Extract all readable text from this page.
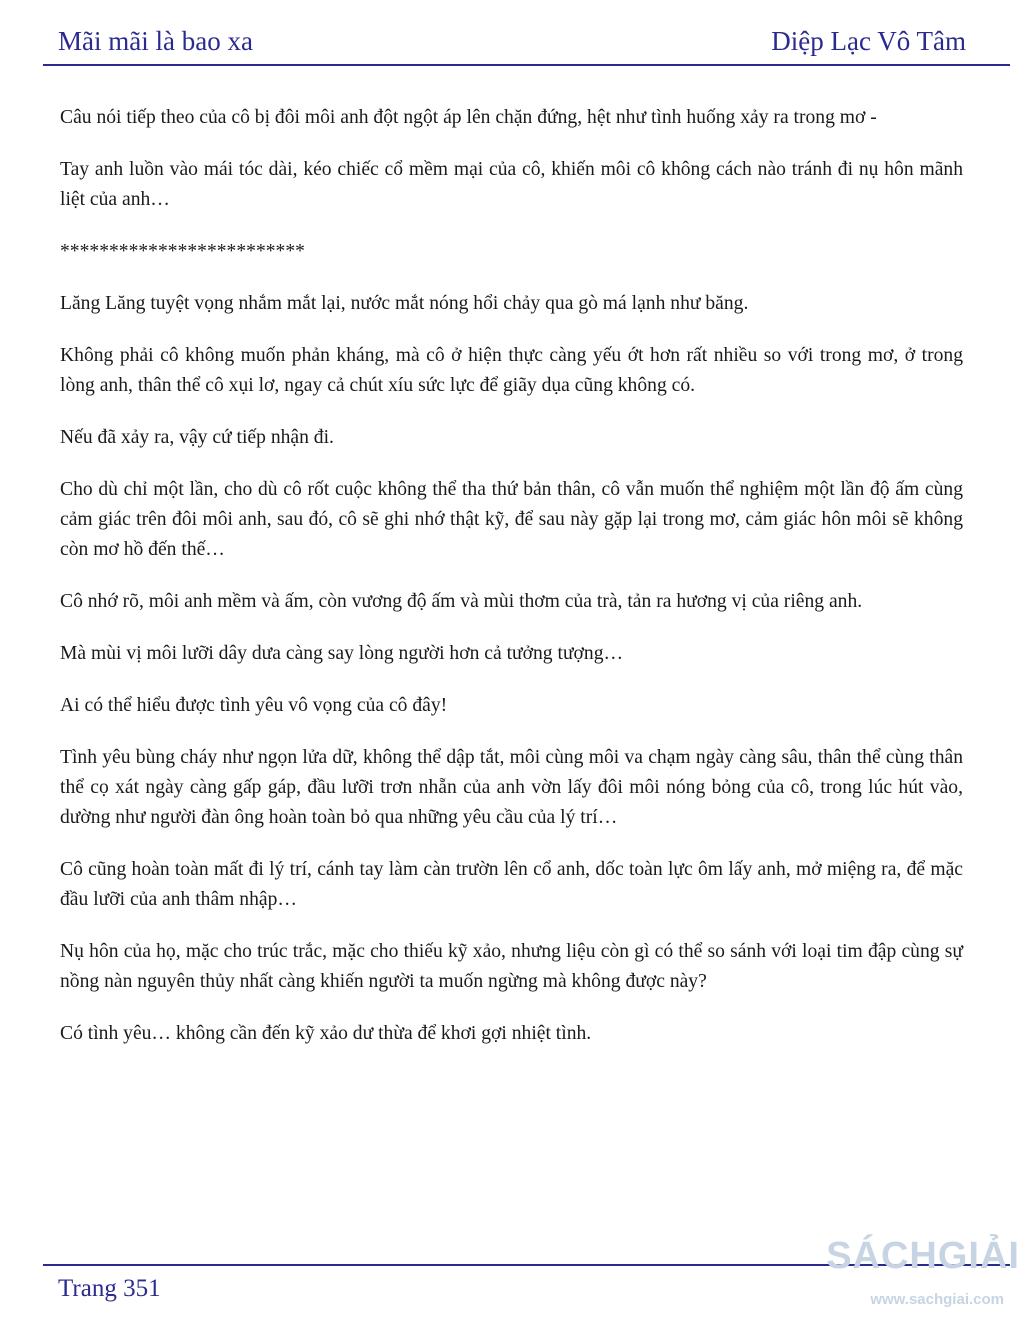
Mãi mãi là bao xa	Diệp Lạc Vô Tâm

Câu nói tiếp theo của cô bị đôi môi anh đột ngột áp lên chặn đứng, hệt như tình huống xảy ra trong mơ -

Tay anh luồn vào mái tóc dài, kéo chiếc cổ mềm mại của cô, khiến môi cô không cách nào tránh đi nụ hôn mãnh liệt của anh…

*************************

Lăng Lăng tuyệt vọng nhắm mắt lại, nước mắt nóng hổi chảy qua gò má lạnh như băng.

Không phải cô không muốn phản kháng, mà cô ở hiện thực càng yếu ớt hơn rất nhiều so với trong mơ, ở trong lòng anh, thân thể cô xụi lơ, ngay cả chút xíu sức lực để giãy dụa cũng không có.

Nếu đã xảy ra, vậy cứ tiếp nhận đi.

Cho dù chỉ một lần, cho dù cô rốt cuộc không thể tha thứ bản thân, cô vẫn muốn thể nghiệm một lần độ ấm cùng cảm giác trên đôi môi anh, sau đó, cô sẽ ghi nhớ thật kỹ, để sau này gặp lại trong mơ, cảm giác hôn môi sẽ không còn mơ hồ đến thế…

Cô nhớ rõ, môi anh mềm và ấm, còn vương độ ấm và mùi thơm của trà, tản ra hương vị của riêng anh.

Mà mùi vị môi lưỡi dây dưa càng say lòng người hơn cả tưởng tượng…

Ai có thể hiểu được tình yêu vô vọng của cô đây!

Tình yêu bùng cháy như ngọn lửa dữ, không thể dập tắt, môi cùng môi va chạm ngày càng sâu, thân thể cùng thân thể cọ xát ngày càng gấp gáp, đầu lưỡi trơn nhẵn của anh vờn lấy đôi môi nóng bỏng của cô, trong lúc hút vào, dường như người đàn ông hoàn toàn bỏ qua những yêu cầu của lý trí…

Cô cũng hoàn toàn mất đi lý trí, cánh tay làm càn trườn lên cổ anh, dốc toàn lực ôm lấy anh, mở miệng ra, để mặc đầu lưỡi của anh thâm nhập…

Nụ hôn của họ, mặc cho trúc trắc, mặc cho thiếu kỹ xảo, nhưng liệu còn gì có thể so sánh với loại tim đập cùng sự nồng nàn nguyên thủy nhất càng khiến người ta muốn ngừng mà không được này?

Có tình yêu… không cần đến kỹ xảo dư thừa để khơi gợi nhiệt tình.

Trang 351
SÁCHGIẢI
www.sachgiai.com
